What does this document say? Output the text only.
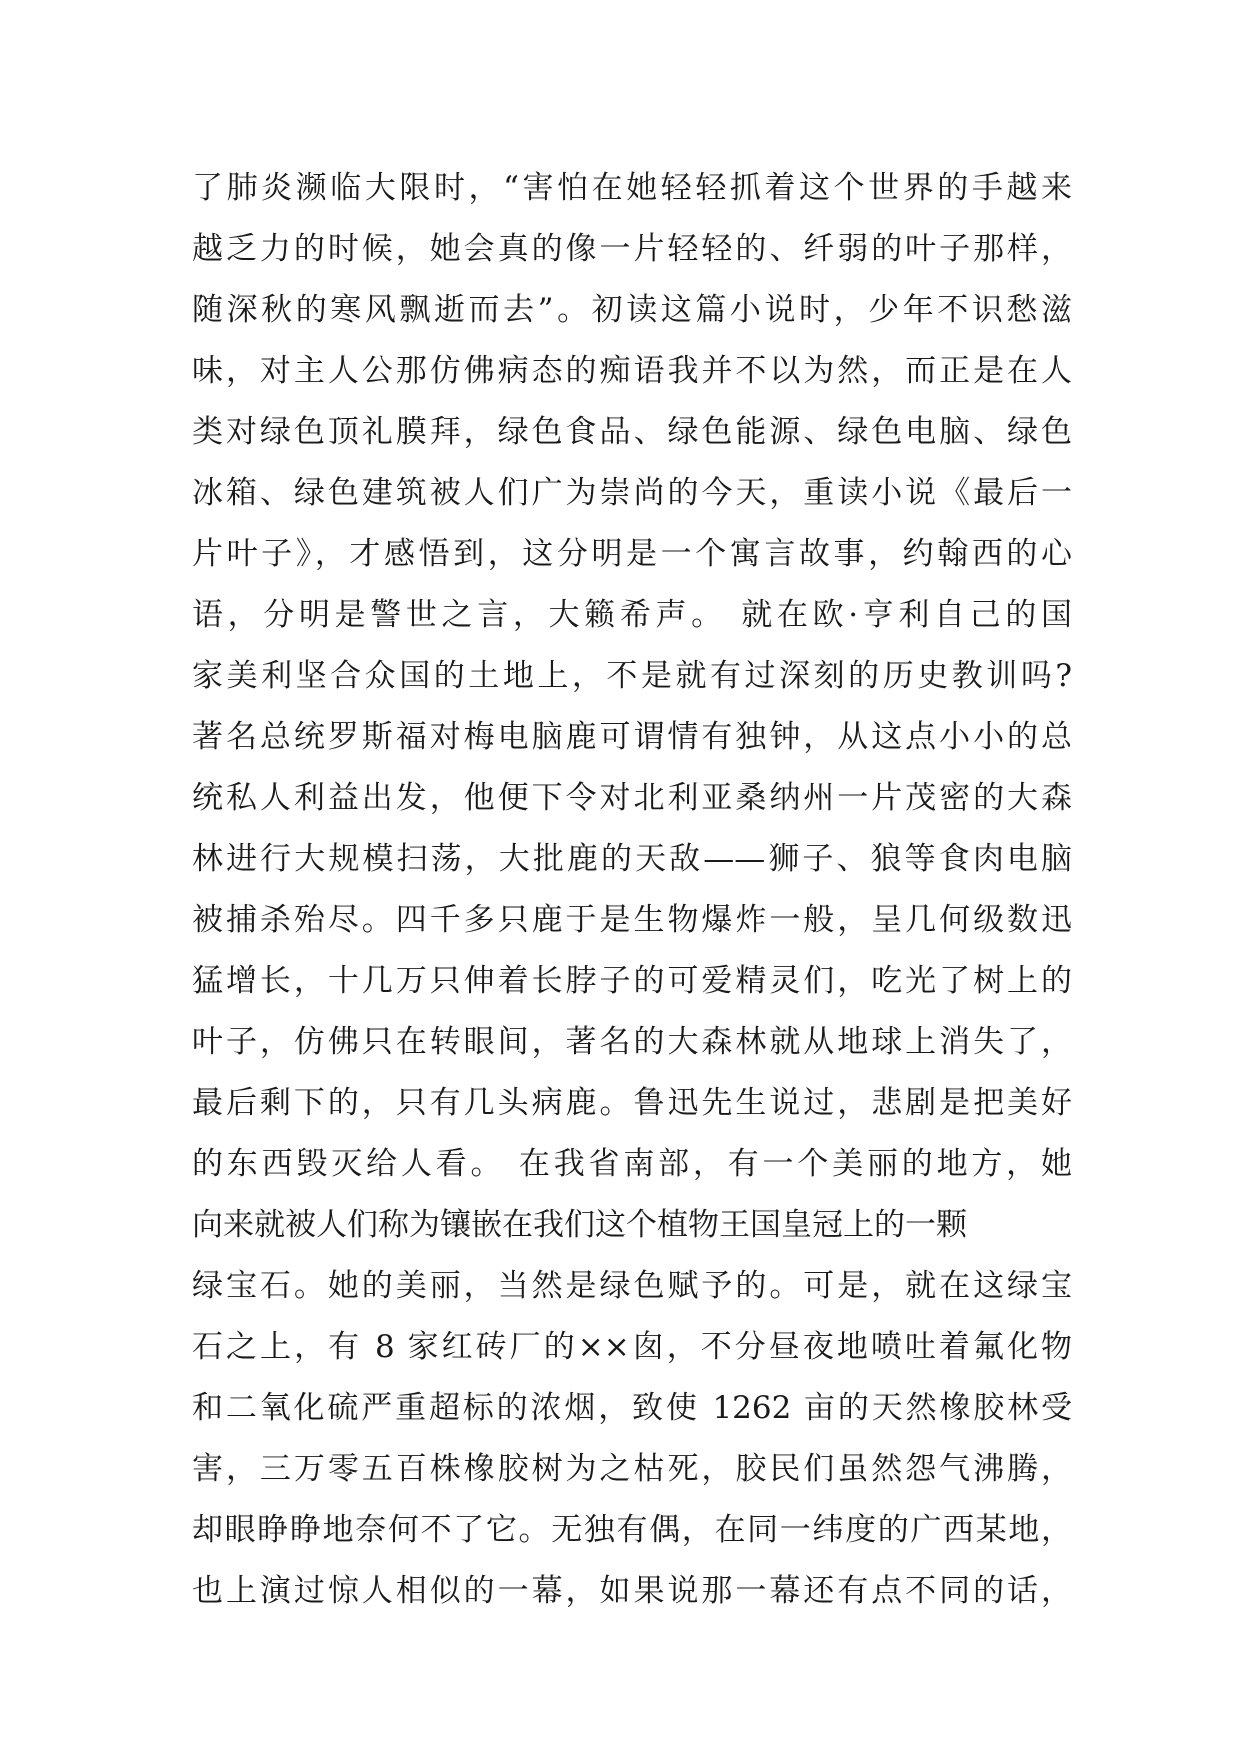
了肺炎濒临大限时，“害怕在她轻轻抓着这个世界的手越来
越乏力的时候，她会真的像一片轻轻的、纤弱的叶子那样，
随深秋的寒风飘逝而去”。初读这篇小说时，少年不识愁滋
味，对主人公那仿佛病态的痴语我并不以为然，而正是在人
类对绿色顶礼膜拜，绿色食品、绿色能源、绿色电脑、绿色
冰箱、绿色建筑被人们广为崇尚的今天，重读小说《最后一
片叶子》，才感悟到，这分明是一个寓言故事，约翰西的心
语，分明是警世之言，大籁希声。 就在欧·亨利自己的国
家美利坚合众国的土地上，不是就有过深刻的历史教训吗?
著名总统罗斯福对梅电脑鹿可谓情有独钟，从这点小小的总
统私人利益出发，他便下令对北利亚桑纳州一片茂密的大森
林进行大规模扫荡，大批鹿的天敌——狮子、狼等食肉电脑
被捕杀殆尽。四千多只鹿于是生物爆炸一般，呈几何级数迅
猛增长，十几万只伸着长脖子的可爱精灵们，吃光了树上的
叶子，仿佛只在转眼间，著名的大森林就从地球上消失了，
最后剩下的，只有几头病鹿。鲁迅先生说过，悲剧是把美好
的东西毁灭给人看。 在我省南部，有一个美丽的地方，她
向来就被人们称为镶嵌在我们这个植物王国皇冠上的一颗
绿宝石。她的美丽，当然是绿色赋予的。可是，就在这绿宝
石之上，有 8 家红砖厂的××囱，不分昼夜地喷吐着氟化物
和二氧化硫严重超标的浓烟，致使 1262 亩的天然橡胶林受
害，三万零五百株橡胶树为之枯死，胶民们虽然怨气沸腾，
却眼睁睁地奈何不了它。无独有偶，在同一纬度的广西某地，
也上演过惊人相似的一幕，如果说那一幕还有点不同的话，
